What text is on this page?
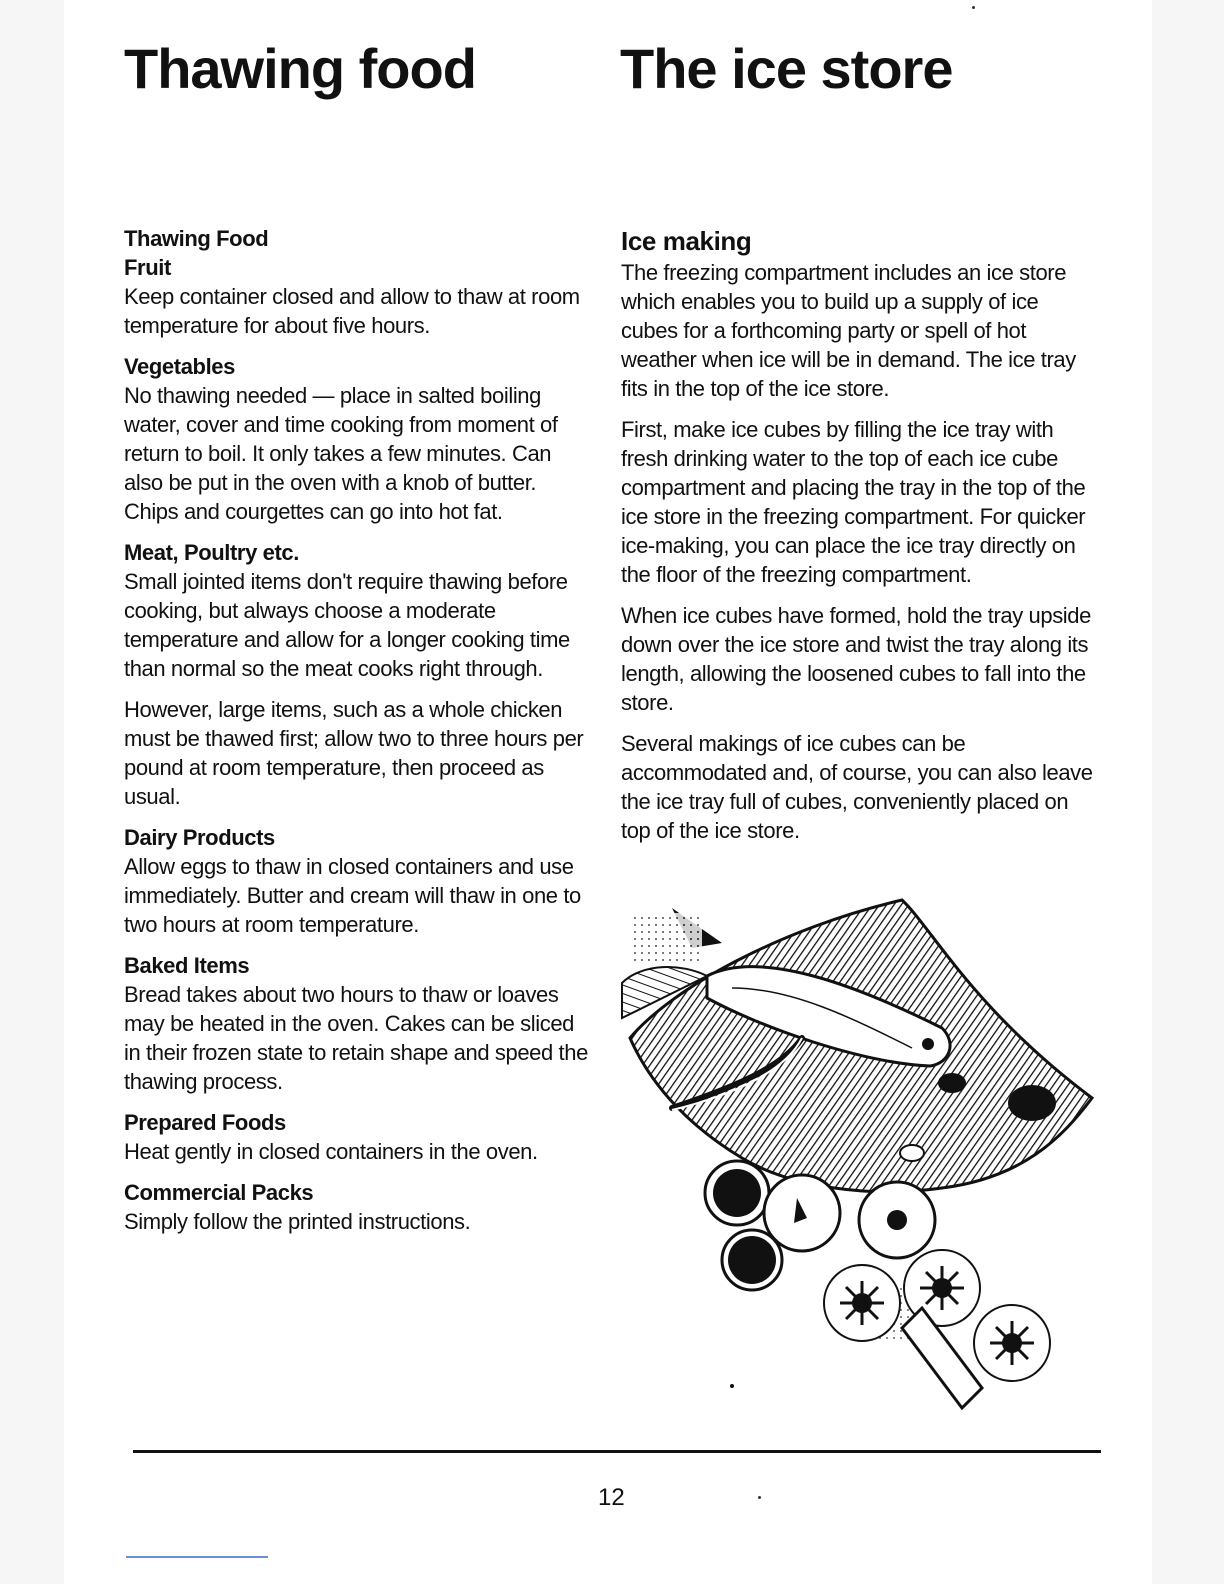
Thawing food	The ice store
Thawing Food
Fruit

Keep container closed and allow to thaw at room temperature for about five hours.

Vegetables

No thawing needed — place in salted boiling water, cover and time cooking from moment of return to boil. It only takes a few minutes. Can also be put in the oven with a knob of butter. Chips and courgettes can go into hot fat.

Meat, Poultry etc.

Small jointed items don't require thawing before cooking, but always choose a moderate temperature and allow for a longer cooking time than normal so the meat cooks right through.

However, large items, such as a whole chicken must be thawed first; allow two to three hours per pound at room temperature, then proceed as usual.

Dairy Products

Allow eggs to thaw in closed containers and use immediately. Butter and cream will thaw in one to two hours at room temperature.

Baked Items

Bread takes about two hours to thaw or loaves may be heated in the oven. Cakes can be sliced in their frozen state to retain shape and speed the thawing process.

Prepared Foods

Heat gently in closed containers in the oven.

Commercial Packs

Simply follow the printed instructions.

Ice making

The freezing compartment includes an ice store which enables you to build up a supply of ice cubes for a forthcoming party or spell of hot weather when ice will be in demand. The ice tray fits in the top of the ice store.

First, make ice cubes by filling the ice tray with fresh drinking water to the top of each ice cube compartment and placing the tray in the top of the ice store in the freezing compartment. For quicker ice-making, you can place the ice tray directly on the floor of the freezing compartment.

When ice cubes have formed, hold the tray upside down over the ice store and twist the tray along its length, allowing the loosened cubes to fall into the store.

Several makings of ice cubes can be accommodated and, of course, you can also leave the ice tray full of cubes, conveniently placed on top of the ice store.

12
